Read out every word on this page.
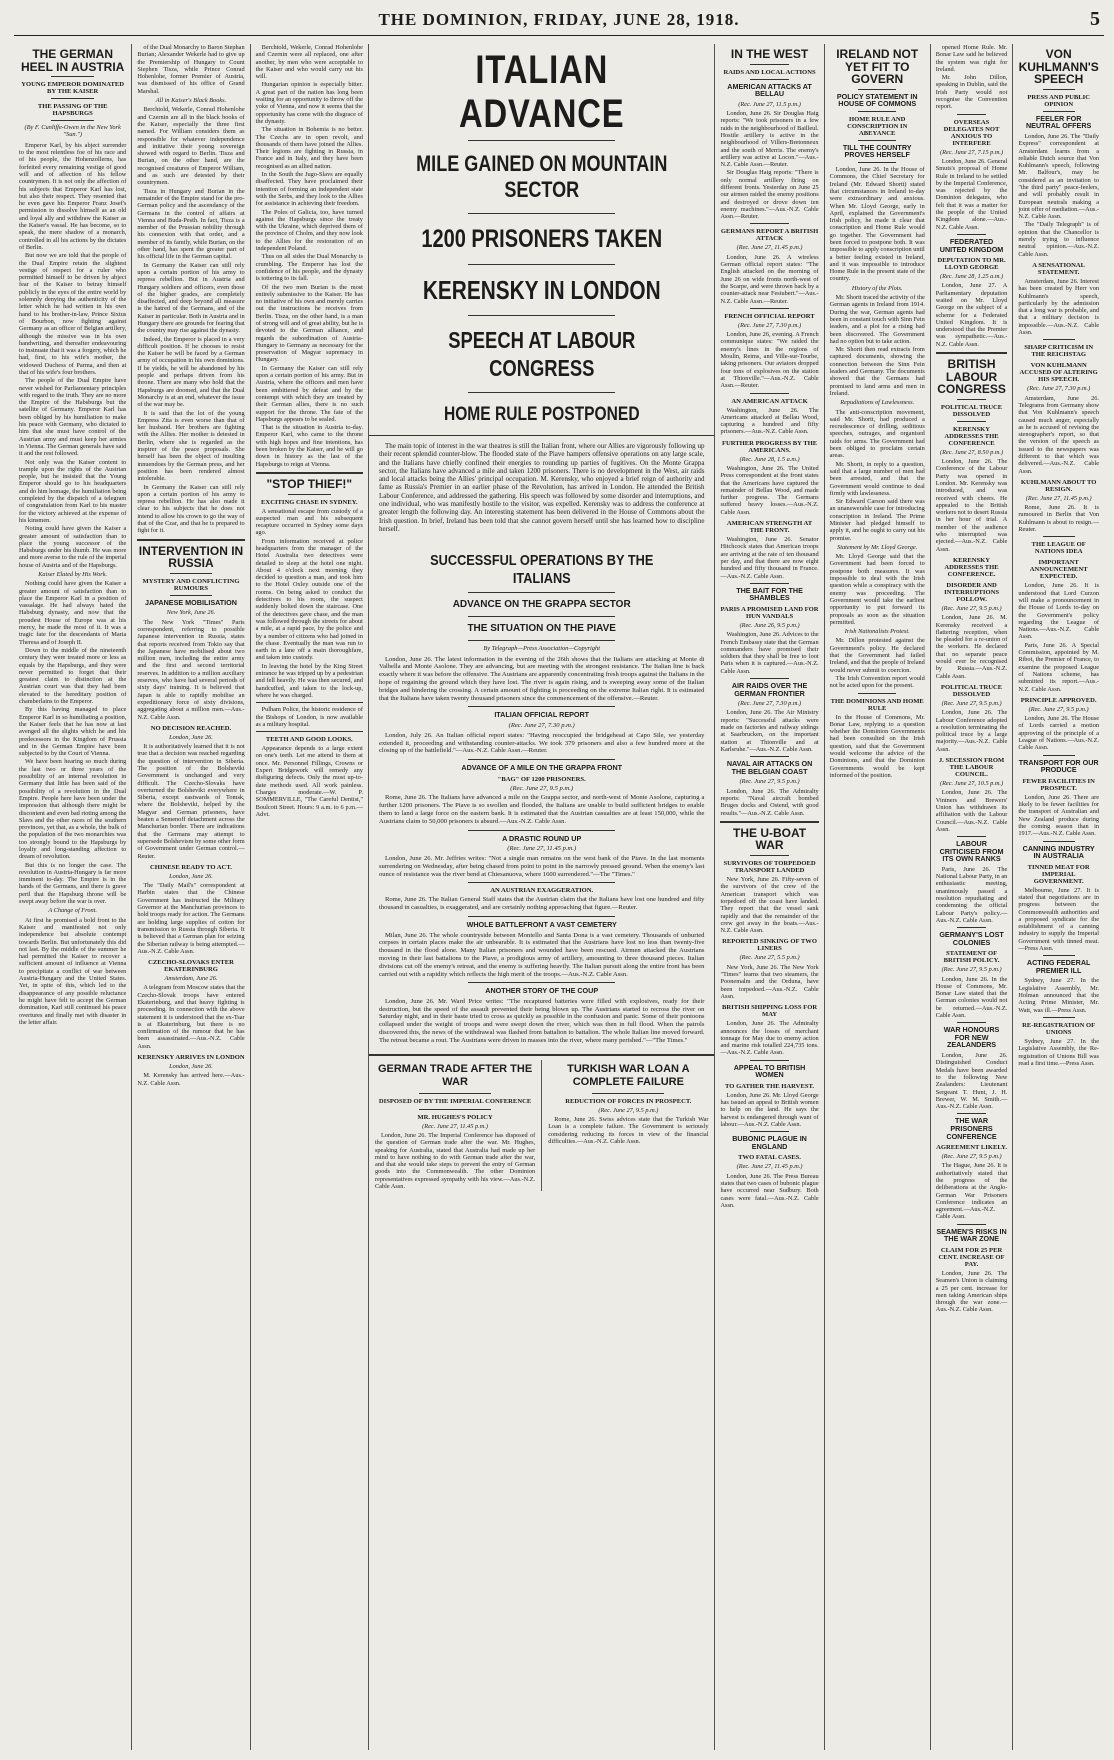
THE DOMINION, FRIDAY, JUNE 28, 1918.	5
THE GERMAN HEEL IN AUSTRIA
YOUNG EMPEROR DOMINATED BY THE KAISER
THE PASSING OF THE HAPSBURGS

(By F. Cunliffe-Owen in the New York "Sun.")

Emperor Karl, by his abject surrender to the most relentless foe of his race and of his people, the Hohenzollerns, has forfeited every remaining vestige of good will and of affection of his fellow countrymen. It is not only the affection of his subjects that Emperor Karl has lost, but also their respect. They resented that he even gave his Emperor Franz Josef's permission to dissolve himself as an old and loyal ally and withdraw the Kaiser as the Kaiser's vassal. He has become, so to speak, the mere shadow of a monarch, controlled in all his actions by the dictates of Berlin.

But now we are told that the people of the Dual Empire retain the slightest vestige of respect for a ruler who permitted himself to be driven by abject fear of the Kaiser to betray himself publicly in the eyes of the entire world by solemnly denying the authenticity of the letter which he had written in his own hand to his brother-in-law, Prince Sixtus of Bourbon, now fighting against Germany as an officer of Belgian artillery, although the missive was in his own handwriting, and thereafter endeavouring to insinuate that it was a forgery, which he had, first, to his wife's mother, the widowed Duchess of Parma, and then at that of his wife's four brothers.

The people of the Dual Empire have never wished for Parliamentary principles with regard to the truth. They are no more the Empire of the Habsburgs but the satellite of Germany. Emperor Karl has been obliged by his humiliation to make his peace with Germany, who dictated to him that she must have control of the Austrian army and must keep her armies in Vienna. The German generals have said it and the rest followed.

Not only was the Kaiser content to trample upon the rights of the Austrian people, but he insisted that the Young Emperor should go to his headquarters and do him homage, the humiliation being completed by the dispatch of a telegram of congratulation from Karl to his master for the victory achieved at the expense of his kinsmen.

Noting could have given the Kaiser a greater amount of satisfaction than to place the young successor of the Habsburgs under his thumb. He was more and more averse to the rule of the imperial house of Austria and of the Hapsburgs.

Kaiser Elated by His Work.

Nothing could have given the Kaiser a greater amount of satisfaction than to place the Emperor Karl in a position of vassalage. He had always hated the Habsburg dynasty, and now that the proudest House of Europe was at his mercy, he made the most of it. It was a tragic fate for the descendants of Maria Theresa and of Joseph II.

Down to the middle of the nineteenth century they were treated more or less as equals by the Hapsburgs, and they were never permitted to forget that their greatest claim to distinction at the Austrian court was that they had been elevated to the hereditary position of chamberlains to the Emperor.

By this having managed to place Emperor Karl in so humiliating a position, the Kaiser feels that he has now at last avenged all the slights which he and his predecessors in the Kingdom of Prussia and in the German Empire have been subjected to by the Court of Vienna.

We have been hearing so much during the last two or three years of the possibility of an internal revolution in Germany that little has been said of the possibility of a revolution in the Dual Empire. People here have been under the impression that although there might be discontent and even bad rioting among the Slavs and the other races of the southern provinces, yet that, as a whole, the bulk of the population of the two monarchies was too strongly bound to the Hapsburgs by loyalty and long-standing affection to dream of revolution.

But this is no longer the case. The revolution in Austria-Hungary is far more imminent to-day. The Empire is in the hands of the Germans, and there is grave peril that the Hapsburg throne will be swept away before the war is over.

A Change of Front.

At first he promised a bold front to the Kaiser and manifested not only independence but absolute contempt towards Berlin. But unfortunately this did not last. By the middle of the summer he had permitted the Kaiser to recover a sufficient amount of influence at Vienna to precipitate a conflict of war between Austria-Hungary and the United States. Yet, in spite of this, which led to the disappearance of any possible reluctance he might have felt to accept the German domination, Karl still continued his peace overtures and finally met with disaster in the letter affair.

of the Dual Monarchy to Baron Stephan Burian; Alexander Wekerle had to give up the Premiership of Hungary to Count Stephen Tisza, while Prince Conrad Hohenlohe, former Premier of Austria, was dismissed of his office of Grand Marshal.

All in Kaiser's Black Books.

Berchtold, Wekerle, Conrad Hohenlohe and Czernin are all in the black books of the Kaiser, especially the three first named. For William considers them as responsible for whatever independence and initiative their young sovereign showed with regard to Berlin. Tisza and Burian, on the other hand, are the recognised creatures of Emperor William, and as such are detested by their countrymen.

Tisza in Hungary and Burian in the remainder of the Empire stand for the pro-German policy and the ascendancy of the Germans in the control of affairs at Vienna and Buda-Pesth. In fact, Tisza is a member of the Prussian nobility through his connexion with that order, and a member of its family, while Burian, on the other hand, has spent the greater part of his official life in the German capital.

In Germany the Kaiser can still rely upon a certain portion of his army to repress rebellion. But in Austria and Hungary soldiers and officers, even those of the higher grades, are completely disaffected, and deep beyond all measure is the hatred of the Germans, and of the Kaiser in particular. Both in Austria and in Hungary there are grounds for fearing that the country may rise against the dynasty.

Indeed, the Emperor is placed in a very difficult position. If he chooses to resist the Kaiser he will be faced by a German army of occupation in his own dominions. If he yields, he will be abandoned by his people and perhaps driven from his throne. There are many who hold that the Hapsburgs are doomed, and that the Dual Monarchy is at an end, whatever the issue of the war may be.

It is said that the lot of the young Empress Zita is even worse than that of her husband. Her brothers are fighting with the Allies. Her mother is detested in Berlin, where she is regarded as the inspirer of the peace proposals. She herself has been the object of insulting innuendoes by the German press, and her position has been rendered almost intolerable.

In Germany the Kaiser can still rely upon a certain portion of his army to repress rebellion. He has also made it clear to his subjects that he does not intend to allow his crown to go the way of that of the Czar, and that he is prepared to fight for it.

INTERVENTION IN RUSSIA
MYSTERY AND CONFLICTING RUMOURS
JAPANESE MOBILISATION

New York, June 26.

The New York "Times" Paris correspondent, referring to possible Japanese intervention in Russia, states that reports received from Tokio say that the Japanese have mobilised about two million men, including the entire army and the first and second territorial reserves. In addition to a million auxiliary reserves, who have had several periods of sixty days' training. It is believed that Japan is able to rapidly mobilise an expeditionary force of sixty divisions, aggregating about a million men.—Aus.-N.Z. Cable Assn.

NO DECISION REACHED.

London, June 26.

It is authoritatively learned that it is not true that a decision was reached regarding the question of intervention in Siberia. The position of the Bolsheviki Government is unchanged and very difficult. The Czecho-Slovaks have overturned the Bolsheviki everywhere in Siberia, except eastwards of Tomsk, where the Bolsheviki, helped by the Magyar and German prisoners, have beaten a Semenoff detachment across the Manchurian border. There are indications that the Germans may attempt to supersede Bolshevism by some other form of Government under German control.—Reuter.

CHINESE READY TO ACT.

London, June 26.

The "Daily Mail's" correspondent at Harbin states that the Chinese Government has instructed the Military Governor at the Manchurian provinces to hold troops ready for action. The Germans are holding large supplies of cotton for transmission to Russia through Siberia. It is believed that a German plan for seizing the Siberian railway is being attempted.—Aus.-N.Z. Cable Assn.

CZECHO-SLOVAKS ENTER EKATERINBURG

Amsterdam, June 26.

A telegram from Moscow states that the Czecho-Slovak troops have entered Ekaterinburg, and that heavy fighting is proceeding. In connection with the above statement it is understood that the ex-Tsar is at Ekaterinburg, but there is no confirmation of the rumour that he has been assassinated.—Aus.-N.Z. Cable Assn.

KERENSKY ARRIVES IN LONDON

London, June 26.

M. Kerensky has arrived here.—Aus.-N.Z. Cable Assn.

Berchtold, Wekerle, Conrad Hohenlohe and Czernin were all replaced, one after another, by men who were acceptable to the Kaiser and who would carry out his will.

Hungarian opinion is especially bitter. A great part of the nation has long been waiting for an opportunity to throw off the yoke of Vienna, and now it seems that the opportunity has come with the disgrace of the dynasty.

The situation in Bohemia is no better. The Czechs are in open revolt, and thousands of them have joined the Allies. Their legions are fighting in Russia, in France and in Italy, and they have been recognised as an allied nation.

In the South the Jugo-Slavs are equally disaffected. They have proclaimed their intention of forming an independent state with the Serbs, and they look to the Allies for assistance in achieving their freedom.

The Poles of Galicia, too, have turned against the Hapsburgs since the treaty with the Ukraine, which deprived them of the province of Cholm, and they now look to the Allies for the restoration of an independent Poland.

Thus on all sides the Dual Monarchy is crumbling. The Emperor has lost the confidence of his people, and the dynasty is tottering to its fall.

Of the two men Burian is the most entirely submissive to the Kaiser. He has no initiative of his own and merely carries out the instructions he receives from Berlin. Tisza, on the other hand, is a man of strong will and of great ability, but he is devoted to the German alliance, and regards the subordination of Austria-Hungary to Germany as necessary for the preservation of Magyar supremacy in Hungary.

In Germany the Kaiser can still rely upon a certain portion of his army. But in Austria, where the officers and men have been embittered by defeat and by the contempt with which they are treated by their German allies, there is no such support for the throne. The fate of the Hapsburgs appears to be sealed.

That is the situation in Austria to-day. Emperor Karl, who came to the throne with high hopes and fine intentions, has been broken by the Kaiser, and he will go down in history as the last of the Hapsburgs to reign at Vienna.

"STOP THIEF!"
EXCITING CHASE IN SYDNEY.

A sensational escape from custody of a suspected man and his subsequent recapture occurred in Sydney some days ago.

From information received at police headquarters from the manager of the Hotel Australia two detectives were detailed to sleep at the hotel one night. About 4 o'clock next morning they decided to question a man, and took him to the Hotel Oxley outside one of the rooms. On being asked to conduct the detectives to his room, the suspect suddenly bolted down the staircase. One of the detectives gave chase, and the man was followed through the streets for about a mile, at a rapid pace, by the police and by a number of citizens who had joined in the chase. Eventually the man was run to earth in a lane off a main thoroughfare, and taken into custody.

In leaving the hotel by the King Street entrance he was tripped up by a pedestrian and fell heavily. He was then secured, and handcuffed, and taken to the lock-up, where he was charged.

Pulham Police, the historic residence of the Bishops of London, is now available as a military hospital.

TEETH AND GOOD LOOKS.

Appearance depends to a large extent on one's teeth. Let me attend to them at once. Mr. Personnel Fillings, Crowns or Expert Bridgework will remedy any disfiguring defects. Only the most up-to-date methods used. All work painless. Charges moderate.—W. P. SOMMERVILLE, "The Careful Dentist," Boulcott Street. Hours: 9 a.m. to 6 p.m.—Advt.

ITALIAN ADVANCE
MILE GAINED ON MOUNTAIN SECTOR
1200 PRISONERS TAKEN
KERENSKY IN LONDON
SPEECH AT LABOUR CONGRESS
HOME RULE POSTPONED

The main topic of interest in the war theatres is still the Italian front, where our Allies are vigorously following up their recent splendid counter-blow. The flooded state of the Piave hampers offensive operations on any large scale, and the Italians have chiefly confined their energies to rounding up parties of fugitives. On the Monte Grappa sector, the Italians have advanced a mile and taken 1200 prisoners. There is no development in the West, air raids and local attacks being the Allies' principal occupation. M. Kerensky, who enjoyed a brief reign of authority and fame as Russia's Premier in an earlier phase of the Revolution, has arrived in London. He attended the British Labour Conference, and addressed the gathering. His speech was followed by some disorder and interruptions, and one individual, who was manifestly hostile to the visitor, was expelled. Kerensky was to address the conference at greater length the following day. An interesting statement has been delivered in the House of Commons about the Irish question. In brief, Ireland has been told that she cannot govern herself until she has learned how to discipline herself.

SUCCESSFUL OPERATIONS BY THE ITALIANS
ADVANCE ON THE GRAPPA SECTOR
THE SITUATION ON THE PIAVE

By Telegraph—Press Association—Copyright

London, June 26. The latest information in the evening of the 26th shows that the Italians are attacking at Monte di Valbella and Monte Asolone. They are advancing, but are meeting with the strongest resistance. The Italian line is back exactly where it was before the offensive. The Austrians are apparently concentrating fresh troops against the Italians in the hope of regaining the ground which they have lost. The river is again rising, and is sweeping away some of the Italian bridges and hindering the crossing. A certain amount of fighting is proceeding on the extreme Italian right. It is estimated that the Italians have taken twenty thousand prisoners since the commencement of the offensive.—Reuter.

ITALIAN OFFICIAL REPORT

(Rec. June 27, 7.30 p.m.)

London, July 26. An Italian official report states: "Having reoccupied the bridgehead at Capo Sile, we yesterday extended it, proceeding and withstanding counter-attacks. We took 379 prisoners and also a few hundred more at the closing up of the battlefield."—Aus.-N.Z. Cable Assn.—Reuter.

ADVANCE OF A MILE ON THE GRAPPA FRONT
"BAG" OF 1200 PRISONERS.

(Rec. June 27, 9.5 p.m.)

Rome, June 26. The Italians have advanced a mile on the Grappa sector, and north-west of Monte Asolone, capturing a further 1200 prisoners. The Piave is so swollen and flooded, the Italians are unable to build sufficient bridges to enable them to land a large force on the eastern bank. It is estimated that the Austrian casualties are at least 150,000, while the Austrians claim to 50,000 prisoners is absurd.—Aus.-N.Z. Cable Assn.

A DRASTIC ROUND UP

(Rec. June 27, 11.45 p.m.)

London, June 26. Mr. Jeffries writes: "Not a single man remains on the west bank of the Piave. In the last moments surrendering on Wednesday, after being chased from point to point in the narrowly pressed ground. When the enemy's last ounce of resistance was the river bend at Chiesanuova, where 1600 surrendered."—The "Times."

AN AUSTRIAN EXAGGERATION.

Rome, June 26. The Italian General Staff states that the Austrian claim that the Italians have lost one hundred and fifty thousand in casualties, is exaggerated, and are certainly nothing approaching that figure.—Reuter.

WHOLE BATTLEFRONT A VAST CEMETERY

Milan, June 26. The whole countryside between Montello and Santa Dona is a vast cemetery. Thousands of unburied corpses in certain places make the air unbearable. It is estimated that the Austrians have lost no less than twenty-five thousand in the flood alone. Many Italian prisoners and wounded have been rescued. Airmen attacked the Austrians moving in their last battalions to the Piave, a prodigious army of artillery, amounting to three thousand pieces. Italian divisions cut off the enemy's retreat, and the enemy is suffering heavily. The Italian pursuit along the entire front has been carried out with a rapidity which reflects the high merit of the troops.—Aus.-N.Z. Cable Assn.

ANOTHER STORY OF THE COUP

London, June 26. Mr. Ward Price writes: "The recaptured batteries were filled with explosives, ready for their destruction, but the speed of the assault prevented their being blown up. The Austrians started to recross the river on Saturday night, and in their haste tried to cross as quickly as possible in the confusion and panic. Some of their pontoons collapsed under the weight of troops and were swept down the river, which was then in full flood. When the patrols discovered this, the news of the withdrawal was flashed from battalion to battalion. The whole Italian line moved forward. The retreat became a rout. The Austrians were driven in masses into the river, where many perished."—"The Times."

GERMAN TRADE AFTER THE WAR
DISPOSED OF BY THE IMPERIAL CONFERENCE
MR. HUGHES'S POLICY

(Rec. June 27, 11.45 p.m.)

London, June 26. The Imperial Conference has disposed of the question of German trade after the war. Mr. Hughes, speaking for Australia, stated that Australia had made up her mind to have nothing to do with German trade after the war, and that she would take steps to prevent the entry of German goods into the Commonwealth. The other Dominion representatives expressed sympathy with his view.—Aus.-N.Z. Cable Assn.

TURKISH WAR LOAN A COMPLETE FAILURE
REDUCTION OF FORCES IN PROSPECT.

(Rec. June 27, 9.5 p.m.)

Rome, June 26. Swiss advices state that the Turkish War Loan is a complete failure. The Government is seriously considering reducing its forces in view of the financial difficulties.—Aus.-N.Z. Cable Assn.

IN THE WEST
RAIDS AND LOCAL ACTIONS
AMERICAN ATTACKS AT BELLAU

(Rec. June 27, 11.5 p.m.)

London, June 26. Sir Douglas Haig reports: "We took prisoners in a few raids in the neighbourhood of Bailleul. Hostile artillery is active in the neighbourhood of Villers-Bretonneux and the south of Merris. The enemy's artillery was active at Locon."—Aus.-N.Z. Cable Assn.—Reuter.

Sir Douglas Haig reports: "There is only normal artillery firing on different fronts. Yesterday on June 25 our airmen raided the enemy positions and destroyed or drove down ten enemy machines."—Aus.-N.Z. Cable Assn.—Reuter.

GERMANS REPORT A BRITISH ATTACK

(Rec. June 27, 11.45 p.m.)

London, June 26. A wireless German official report states: "The English attacked on the morning of June 26 on wide fronts north-west of the Scarpe, and were thrown back by a counter-attack near Festubert."—Aus.-N.Z. Cable Assn.—Reuter.

FRENCH OFFICIAL REPORT

(Rec. June 27, 7.30 p.m.)

London, June 26, evening. A French communique states: "We raided the enemy's lines in the regions of Moulin, Reims, and Ville-sur-Tourbe, taking prisoners. Our aviators dropped four tons of explosives on the station at Thionville."—Aus.-N.Z. Cable Assn.—Reuter.

AN AMERICAN ATTACK

Washington, June 26. The Americans attacked at Bellau Wood, capturing a hundred and fifty prisoners.—Aus.-N.Z. Cable Assn.

FURTHER PROGRESS BY THE AMERICANS.

(Rec. June 28, 1.5 a.m.)

Washington, June 26. The United Press correspondent at the front states that the Americans have captured the remainder of Bellau Wood, and made further progress. The Germans suffered heavy losses.—Aus.-N.Z. Cable Assn.

AMERICAN STRENGTH AT THE FRONT.

Washington, June 26. Senator Hitchcock states that American troops are arriving at the rate of ten thousand per day, and that there are now eight hundred and fifty thousand in France.—Aus.-N.Z. Cable Assn.

THE BAIT FOR THE SHAMBLES
PARIS A PROMISED LAND FOR HUN VANDALS

(Rec. June 26, 9.5 p.m.)

Washington, June 26. Advices to the French Embassy state that the German commanders have promised their soldiers that they shall be free to loot Paris when it is captured.—Aus.-N.Z. Cable Assn.

AIR RAIDS OVER THE GERMAN FRONTIER

(Rec. June 27, 7.30 p.m.)

London, June 26. The Air Ministry reports: "Successful attacks were made on factories and railway sidings at Saarbrucken, on the important station at Thionville and at Karlsruhe."—Aus.-N.Z. Cable Assn.

NAVAL AIR ATTACKS ON THE BELGIAN COAST

(Rec. June 27, 9.5 p.m.)

London, June 26. The Admiralty reports: "Naval aircraft bombed Bruges docks and Ostend, with good results."—Aus.-N.Z. Cable Assn.

THE U-BOAT WAR
SURVIVORS OF TORPEDOED TRANSPORT LANDED

New York, June 26. Fifty-seven of the survivors of the crew of the American transport which was torpedoed off the coast have landed. They report that the vessel sank rapidly and that the remainder of the crew got away in the boats.—Aus.-N.Z. Cable Assn.

REPORTED SINKING OF TWO LINERS

(Rec. June 27, 5.5 p.m.)

New York, June 26. The New York "Times" learns that two steamers, the Poonemalm and the Orduna, have been torpedoed.—Aus.-N.Z. Cable Assn.

BRITISH SHIPPING LOSS FOR MAY

London, June 26. The Admiralty announces the losses of merchant tonnage for May due to enemy action and marine risk totalled 224,735 tons.—Aus.-N.Z. Cable Assn.

APPEAL TO BRITISH WOMEN
TO GATHER THE HARVEST.

London, June 26. Mr. Lloyd George has issued an appeal to British women to help on the land. He says the harvest is endangered through want of labour.—Aus.-N.Z. Cable Assn.

BUBONIC PLAGUE IN ENGLAND
TWO FATAL CASES.

(Rec. June 27, 11.45 p.m.)

London, June 26. The Press Bureau states that two cases of bubonic plague have occurred near Sudbury. Both cases were fatal.—Aus.-N.Z. Cable Assn.

IRELAND NOT YET FIT TO GOVERN
POLICY STATEMENT IN HOUSE OF COMMONS
HOME RULE AND CONSCRIPTION IN ABEYANCE
TILL THE COUNTRY PROVES HERSELF

London, June 26. In the House of Commons, the Chief Secretary for Ireland (Mr. Edward Shortt) stated that circumstances in Ireland to-day were extraordinary and anxious. When Mr. Lloyd George, early in April, explained the Government's Irish policy, he made it clear that conscription and Home Rule would go together. The Government had been forced to postpone both. It was impossible to apply conscription until a better feeling existed in Ireland, and it was impossible to introduce Home Rule in the present state of the country.

History of the Plots.

Mr. Shortt traced the activity of the German agents in Ireland from 1914. During the war, German agents had been in constant touch with Sinn Fein leaders, and a plot for a rising had been discovered. The Government had no option but to take action.

Mr. Shortt then read extracts from captured documents, showing the connection between the Sinn Fein leaders and Germany. The documents showed that the Germans had promised to land arms and men in Ireland.

Repudiations of Lawlessness.

The anti-conscription movement, said Mr. Shortt, had produced a recrudescence of drilling, seditious speeches, outrages, and organised raids for arms. The Government had been obliged to proclaim certain areas.

Mr. Shortt, in reply to a question, said that a large number of men had been arrested, and that the Government would continue to deal firmly with lawlessness.

Sir Edward Carson said there was an unanswerable case for introducing conscription in Ireland. The Prime Minister had pledged himself to apply it, and he ought to carry out his promise.

Statement by Mr. Lloyd George.

Mr. Lloyd George said that the Government had been forced to postpone both measures. It was impossible to deal with the Irish question while a conspiracy with the enemy was proceeding. The Government would take the earliest opportunity to put forward its proposals as soon as the situation permitted.

Irish Nationalists Protest.

Mr. Dillon protested against the Government's policy. He declared that the Government had failed Ireland, and that the people of Ireland would never submit to coercion.

The Irish Convention report would not be acted upon for the present.

THE DOMINIONS AND HOME RULE

In the House of Commons, Mr. Bonar Law, replying to a question whether the Dominion Governments had been consulted on the Irish question, said that the Government would welcome the advice of the Dominions, and that the Dominion Governments would be kept informed of the position.

opened Home Rule. Mr. Bonar Law said he believed the system was right for Ireland.

Mr. John Dillon, speaking in Dublin, said the Irish Party would not recognise the Convention report.

OVERSEAS DELEGATES NOT ANXIOUS TO INTERFERE

(Rec. June 27, 7.15 p.m.)

London, June 26. General Smuts's proposal of Home Rule in Ireland to be settled by the Imperial Conference, was rejected by the Dominion delegates, who felt that it was a matter for the people of the United Kingdom alone.—Aus.-N.Z. Cable Assn.

FEDERATED UNITED KINGDOM
DEPUTATION TO MR. LLOYD GEORGE

(Rec. June 28, 1.25 a.m.)

London, June 27. A Parliamentary deputation waited on Mr. Lloyd George on the subject of a scheme for a Federated United Kingdom. It is understood that the Premier was sympathetic.—Aus.-N.Z. Cable Assn.

BRITISH LABOUR CONGRESS
POLITICAL TRUCE DISSOLVED
KERENSKY ADDRESSES THE CONFERENCE

(Rec. June 27, 8.50 p.m.)

London, June 26. The Conference of the Labour Party was opened in London. Mr. Kerensky was introduced, and was received with cheers. He appealed to the British workers not to desert Russia in her hour of trial. A member of the audience who interrupted was ejected.—Aus.-N.Z. Cable Assn.

KERENSKY ADDRESSES THE CONFERENCE.
DISORDER AND INTERRUPTIONS FOLLOW.

(Rec. June 27, 9.5 p.m.)

London, June 26. M. Kerensky received a flattering reception, when he pleaded for a re-union of the workers. He declared that no separate peace would ever be recognised by Russia.—Aus.-N.Z. Cable Assn.

POLITICAL TRUCE DISSOLVED

(Rec. June 27, 9.5 p.m.)

London, June 26. The Labour Conference adopted a resolution terminating the political truce by a large majority.—Aus.-N.Z. Cable Assn.

J. SECESSION FROM THE LABOUR COUNCIL.

(Rec. June 27, 10.5 p.m.)

London, June 26. The Vintners and Brewers' Union has withdrawn its affiliation with the Labour Council.—Aus.-N.Z. Cable Assn.

LABOUR CRITICISED FROM ITS OWN RANKS

Paris, June 26. The National Labour Party, in an enthusiastic meeting, unanimously passed a resolution repudiating and condemning the official Labour Party's policy.—Aus.-N.Z. Cable Assn.

GERMANY'S LOST COLONIES
STATEMENT OF BRITISH POLICY.

(Rec. June 27, 9.5 p.m.)

London, June 26. In the House of Commons, Mr. Bonar Law stated that the German colonies would not be returned.—Aus.-N.Z. Cable Assn.

WAR HONOURS FOR NEW ZEALANDERS

London, June 26. Distinguished Conduct Medals have been awarded to the following New Zealanders: Lieutenant Sergeant T. Hunt, J. H. Brewer, W. M. Smith.—Aus.-N.Z. Cable Assn.

THE WAR PRISONERS CONFERENCE
AGREEMENT LIKELY.

(Rec. June 27, 9.5 p.m.)

The Hague, June 26. It is authoritatively stated that the progress of the deliberations at the Anglo-German War Prisoners Conference indicates an agreement.—Aus.-N.Z. Cable Assn.

SEAMEN'S RISKS IN THE WAR ZONE
CLAIM FOR 25 PER CENT. INCREASE OF PAY.

London, June 26. The Seamen's Union is claiming a 25 per cent. increase for men taking American ships through the war zone.—Aus.-N.Z. Cable Assn.

VON KUHLMANN'S SPEECH
PRESS AND PUBLIC OPINION
FEELER FOR NEUTRAL OFFERS

London, June 26. The "Daily Express" correspondent at Amsterdam learns from a reliable Dutch source that Von Kuhlmann's speech, following Mr. Balfour's, may be considered as an invitation to "the third party" peace-feelers, and will probably result in European neutrals making a joint offer of mediation.—Aus.-N.Z. Cable Assn.

The "Daily Telegraph" is of opinion that the Chancellor is merely trying to influence neutral opinion.—Aus.-N.Z. Cable Assn.

A SENSATIONAL STATEMENT.

Amsterdam, June 26. Interest has been created by Herr von Kuhlmann's speech, particularly by the admission that a long war is probable, and that a military decision is impossible.—Aus.-N.Z. Cable Assn.

SHARP CRITICISM IN THE REICHSTAG
VON KUHLMANN ACCUSED OF ALTERING HIS SPEECH.

(Rec. June 27, 7.30 p.m.)

Amsterdam, June 26. Telegrams from Germany show that Von Kuhlmann's speech caused much anger, especially as he is accused of revising the stenographer's report, so that the version of the speech as issued to the newspapers was different to that which was delivered.—Aus.-N.Z. Cable Assn.

KUHLMANN ABOUT TO RESIGN.

(Rec. June 27, 11.45 p.m.)

Rome, June 26. It is rumoured in Berlin that Von Kuhlmann is about to resign.—Reuter.

THE LEAGUE OF NATIONS IDEA
IMPORTANT ANNOUNCEMENT EXPECTED.

London, June 26. It is understood that Lord Curzon will make a pronouncement in the House of Lords to-day on the Government's policy regarding the League of Nations.—Aus.-N.Z. Cable Assn.

Paris, June 26. A Special Commission, appointed by M. Ribot, the Premier of France, to examine the proposed League of Nations scheme, has submitted its report.—Aus.-N.Z. Cable Assn.

PRINCIPLE APPROVED.

(Rec. June 27, 9.5 p.m.)

London, June 26. The House of Lords carried a motion approving of the principle of a League of Nations.—Aus.-N.Z. Cable Assn.

TRANSPORT FOR OUR PRODUCE
FEWER FACILITIES IN PROSPECT.

London, June 26. There are likely to be fewer facilities for the transport of Australian and New Zealand produce during the coming season than in 1917.—Aus.-N.Z. Cable Assn.

CANNING INDUSTRY IN AUSTRALIA
TINNED MEAT FOR IMPERIAL GOVERNMENT.

Melbourne, June 27. It is stated that negotiations are in progress between the Commonwealth authorities and a proposed syndicate for the establishment of a canning industry to supply the Imperial Government with tinned meat.—Press Assn.

ACTING FEDERAL PREMIER ILL

Sydney, June 27. In the Legislative Assembly, Mr. Holman announced that the Acting Prime Minister, Mr. Watt, was ill.—Press Assn.

RE-REGISTRATION OF UNIONS

Sydney, June 27. In the Legislative Assembly, the Re-registration of Unions Bill was read a first time.—Press Assn.
